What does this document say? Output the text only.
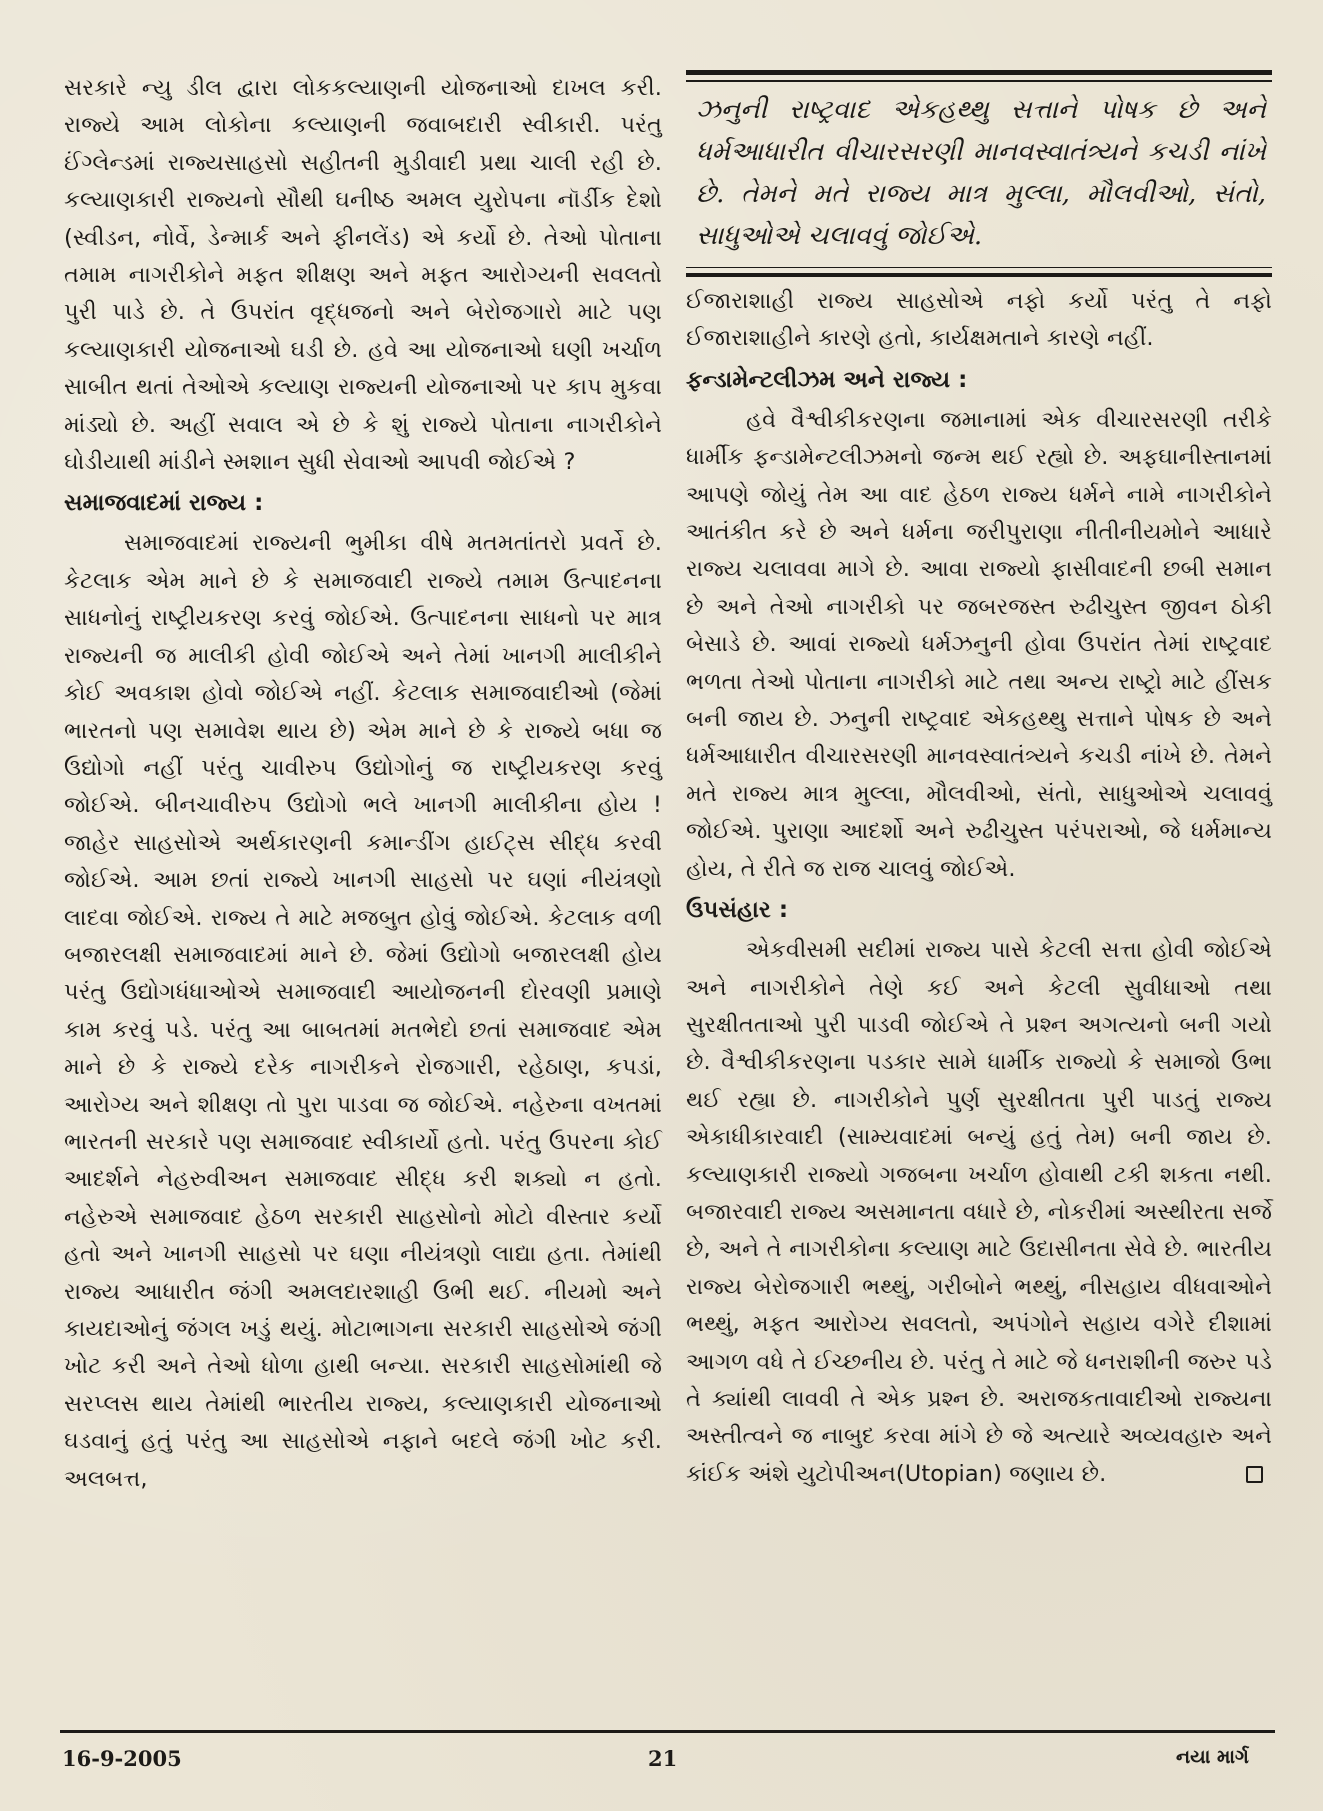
સરકારે ન્યુ ડીલ દ્વારા લોકકલ્યાણની યોજનાઓ દાખલ કરી. રાજ્યે આમ લોકોના કલ્યાણની જવાબદારી સ્વીકારી. પરંતુ ઈંગ્લેન્ડમાં રાજ્યસાહસો સહીતની મુડીવાદી પ્રથા ચાલી રહી છે. કલ્યાણકારી રાજ્યનો સૌથી ઘનીષ્ઠ અમલ યુરોપના નૉર્ડીક દેશો (સ્વીડન, નોર્વે, ડેન્માર્ક અને ફીનલેંડ) એ કર્યો છે. તેઓ પોતાના તમામ નાગરીકોને મફત શીક્ષણ અને મફત આરોગ્યની સવલતો પુરી પાડે છે. તે ઉપરાંત વૃદ્ધજનો અને બેરોજગારો માટે પણ કલ્યાણકારી યોજનાઓ ઘડી છે. હવે આ યોજનાઓ ઘણી ખર્ચાળ સાબીત થતાં તેઓએ કલ્યાણ રાજ્યની યોજનાઓ પર કાપ મુકવા માંડ્યો છે. અહીં સવાલ એ છે કે શું રાજ્યે પોતાના નાગરીકોને ઘોડીયાથી માંડીને સ્મશાન સુધી સેવાઓ આપવી જોઈએ ?

સમાજવાદમાં રાજ્ય :

સમાજવાદમાં રાજ્યની ભુમીકા વીષે મતમતાંતરો પ્રવર્તે છે. કેટલાક એમ માને છે કે સમાજવાદી રાજ્યે તમામ ઉત્પાદનના સાધનોનું રાષ્ટ્રીયકરણ કરવું જોઈએ. ઉત્પાદનના સાધનો પર માત્ર રાજ્યની જ માલીકી હોવી જોઈએ અને તેમાં ખાનગી માલીકીને કોઈ અવકાશ હોવો જોઈએ નહીં. કેટલાક સમાજવાદીઓ (જેમાં ભારતનો પણ સમાવેશ થાય છે) એમ માને છે કે રાજ્યે બધા જ ઉદ્યોગો નહીં પરંતુ ચાવીરુપ ઉદ્યોગોનું જ રાષ્ટ્રીયકરણ કરવું જોઈએ. બીનચાવીરુપ ઉદ્યોગો ભલે ખાનગી માલીકીના હોય ! જાહેર સાહસોએ અર્થકારણની કમાન્ડીંગ હાઈટ્સ સીદ્ધ કરવી જોઈએ. આમ છતાં રાજ્યે ખાનગી સાહસો પર ઘણાં નીયંત્રણો લાદવા જોઈએ. રાજ્ય તે માટે મજબુત હોવું જોઈએ. કેટલાક વળી બજારલક્ષી સમાજવાદમાં માને છે. જેમાં ઉદ્યોગો બજારલક્ષી હોય પરંતુ ઉદ્યોગધંધાઓએ સમાજવાદી આયોજનની દોરવણી પ્રમાણે કામ કરવું પડે. પરંતુ આ બાબતમાં મતભેદો છતાં સમાજવાદ એમ માને છે કે રાજ્યે દરેક નાગરીકને રોજગારી, રહેઠાણ, કપડાં, આરોગ્ય અને શીક્ષણ તો પુરા પાડવા જ જોઈએ. નહેરુના વખતમાં ભારતની સરકારે પણ સમાજવાદ સ્વીકાર્યો હતો. પરંતુ ઉપરના કોઈ આદર્શને નેહરુવીઅન સમાજવાદ સીદ્ધ કરી શક્યો ન હતો. નહેરુએ સમાજવાદ હેઠળ સરકારી સાહસોનો મોટો વીસ્તાર કર્યો હતો અને ખાનગી સાહસો પર ઘણા નીયંત્રણો લાદ્યા હતા. તેમાંથી રાજ્ય આધારીત જંગી અમલદારશાહી ઉભી થઈ. નીયમો અને કાયદાઓનું જંગલ ખડું થયું. મોટાભાગના સરકારી સાહસોએ જંગી ખોટ કરી અને તેઓ ધોળા હાથી બન્યા. સરકારી સાહસોમાંથી જે સરપ્લસ થાય તેમાંથી ભારતીય રાજ્ય, કલ્યાણકારી યોજનાઓ ઘડવાનું હતું પરંતુ આ સાહસોએ નફાને બદલે જંગી ખોટ કરી. અલબત્ત,

ઝનુની રાષ્ટ્રવાદ એકહથ્થુ સત્તાને પોષક છે અને ધર્મઆધારીત વીચારસરણી માનવસ્વાતંત્ર્યને કચડી નાંખે છે. તેમને મતે રાજ્ય માત્ર મુલ્લા, મૌલવીઓ, સંતો, સાધુઓએ ચલાવવું જોઈએ.

ઈજારાશાહી રાજ્ય સાહસોએ નફો કર્યો પરંતુ તે નફો ઈજારાશાહીને કારણે હતો, કાર્યક્ષમતાને કારણે નહીં.

ફન્ડામેન્ટલીઝમ અને રાજ્ય :

હવે વૈશ્વીકીકરણના જમાનામાં એક વીચારસરણી તરીકે ધાર્મીક ફન્ડામેન્ટલીઝમનો જન્મ થઈ રહ્યો છે. અફઘાનીસ્તાનમાં આપણે જોયું તેમ આ વાદ હેઠળ રાજ્ય ધર્મને નામે નાગરીકોને આતંકીત કરે છે અને ધર્મના જરીપુરાણા નીતીનીયમોને આધારે રાજ્ય ચલાવવા માગે છે. આવા રાજ્યો ફાસીવાદની છબી સમાન છે અને તેઓ નાગરીકો પર જબરજસ્ત રુઢીચુસ્ત જીવન ઠોકી બેસાડે છે. આવાં રાજ્યો ધર્મઝનુની હોવા ઉપરાંત તેમાં રાષ્ટ્રવાદ ભળતા તેઓ પોતાના નાગરીકો માટે તથા અન્ય રાષ્ટ્રો માટે હીંસક બની જાય છે. ઝનુની રાષ્ટ્રવાદ એકહથ્થુ સત્તાને પોષક છે અને ધર્મઆધારીત વીચારસરણી માનવસ્વાતંત્ર્યને કચડી નાંખે છે. તેમને મતે રાજ્ય માત્ર મુલ્લા, મૌલવીઓ, સંતો, સાધુઓએ ચલાવવું જોઈએ. પુરાણા આદર્શો અને રુઢીચુસ્ત પરંપરાઓ, જે ધર્મમાન્ય હોય, તે રીતે જ રાજ ચાલવું જોઈએ.

ઉપસંહાર :

એકવીસમી સદીમાં રાજ્ય પાસે કેટલી સત્તા હોવી જોઈએ અને નાગરીકોને તેણે કઈ અને કેટલી સુવીધાઓ તથા સુરક્ષીતતાઓ પુરી પાડવી જોઈએ તે પ્રશ્ન અગત્યનો બની ગયો છે. વૈશ્વીકીકરણના પડકાર સામે ધાર્મીક રાજ્યો કે સમાજો ઉભા થઈ રહ્યા છે. નાગરીકોને પુર્ણ સુરક્ષીતતા પુરી પાડતું રાજ્ય એકાધીકારવાદી (સામ્યવાદમાં બન્યું હતું તેમ) બની જાય છે. કલ્યાણકારી રાજ્યો ગજબના ખર્ચાળ હોવાથી ટકી શકતા નથી. બજારવાદી રાજ્ય અસમાનતા વધારે છે, નોકરીમાં અસ્થીરતા સર્જે છે, અને તે નાગરીકોના કલ્યાણ માટે ઉદાસીનતા સેવે છે. ભારતીય રાજ્ય બેરોજગારી ભથ્થું, ગરીબોને ભથ્થું, નીસહાય વીધવાઓને ભથ્થું, મફત આરોગ્ય સવલતો, અપંગોને સહાય વગેરે દીશામાં આગળ વધે તે ઈચ્છનીય છે. પરંતુ તે માટે જે ધનરાશીની જરુર પડે તે ક્યાંથી લાવવી તે એક પ્રશ્ન છે. અરાજકતાવાદીઓ રાજ્યના અસ્તીત્વને જ નાબુદ કરવા માંગે છે જે અત્યારે અવ્યવહારુ અને કાંઈક અંશે યુટોપીઅન(Utopian) જણાય છે.

16-9-2005	21	નયા માર્ગ
